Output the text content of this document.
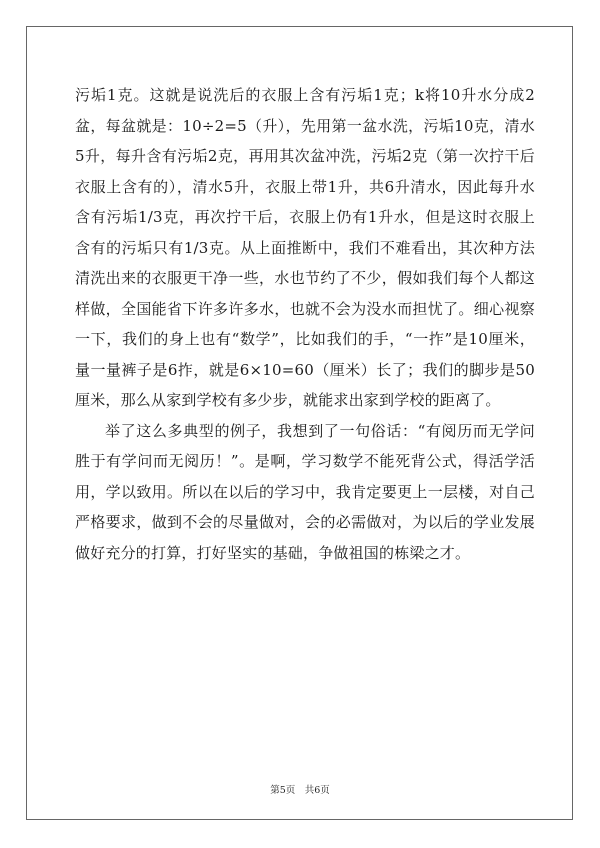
污垢1克。这就是说洗后的衣服上含有污垢1克；k将10升水分成2盆，每盆就是：10÷2=5（升），先用第一盆水洗，污垢10克，清水5升，每升含有污垢2克，再用其次盆冲洗，污垢2克（第一次拧干后衣服上含有的），清水5升，衣服上带1升，共6升清水，因此每升水含有污垢1/3克，再次拧干后，衣服上仍有1升水，但是这时衣服上含有的污垢只有1/3克。从上面推断中，我们不难看出，其次种方法清洗出来的衣服更干净一些，水也节约了不少，假如我们每个人都这样做，全国能省下许多许多水，也就不会为没水而担忧了。细心视察一下，我们的身上也有“数学”，比如我们的手，“一拃”是10厘米，量一量裤子是6拃，就是6×10=60（厘米）长了；我们的脚步是50厘米，那么从家到学校有多少步，就能求出家到学校的距离了。

举了这么多典型的例子，我想到了一句俗话：“有阅历而无学问胜于有学问而无阅历！”。是啊，学习数学不能死背公式，得活学活用，学以致用。所以在以后的学习中，我肯定要更上一层楼，对自己严格要求，做到不会的尽量做对，会的必需做对，为以后的学业发展做好充分的打算，打好坚实的基础，争做祖国的栋梁之才。

第5页　共6页
